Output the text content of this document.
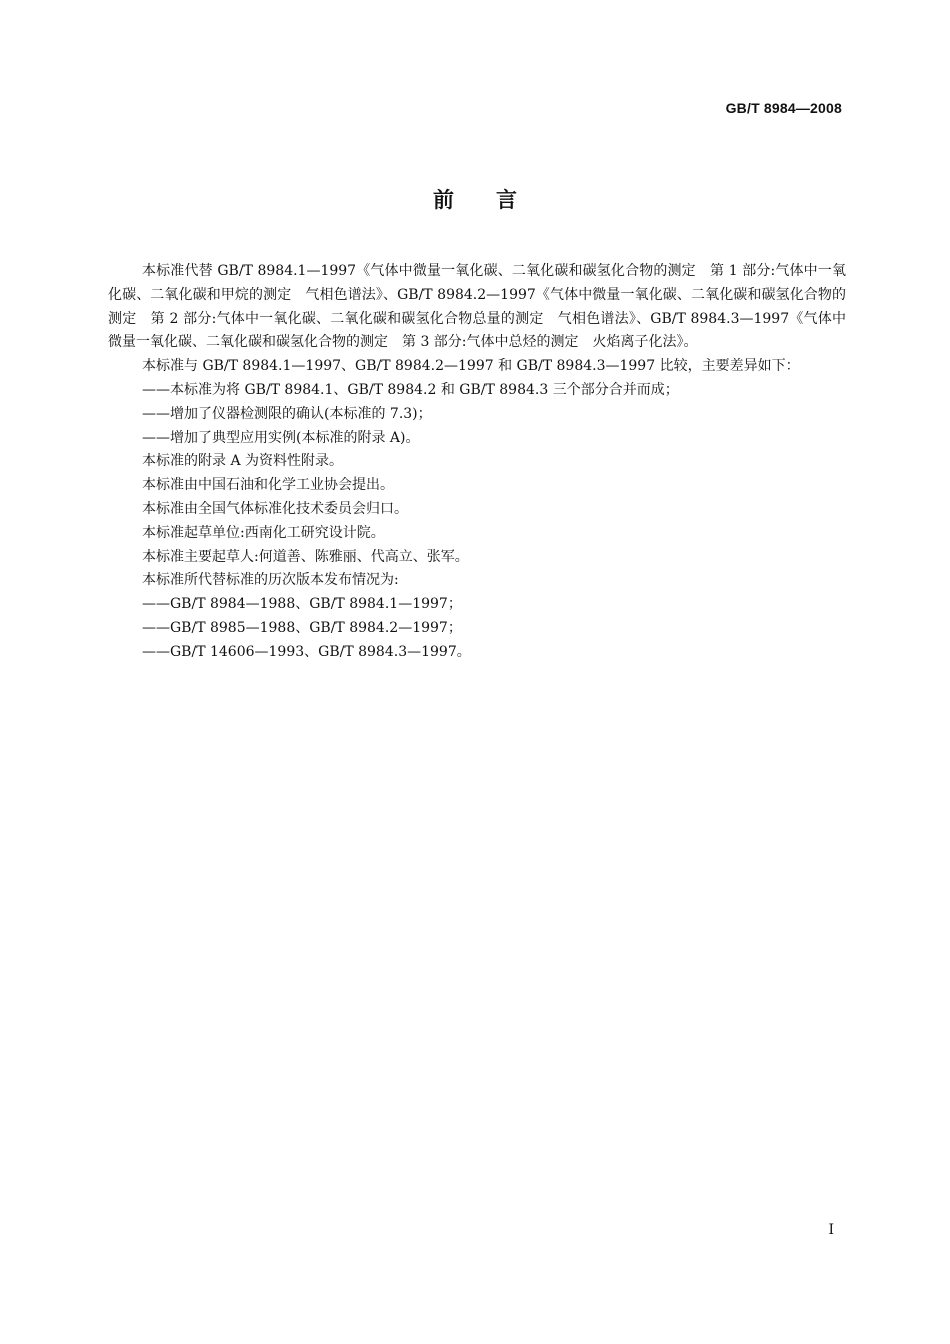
GB/T 8984—2008
前言

本标准代替 GB/T 8984.1—1997《气体中微量一氧化碳、二氧化碳和碳氢化合物的测定　第 1 部分:气体中一氧化碳、二氧化碳和甲烷的测定　气相色谱法》、GB/T 8984.2—1997《气体中微量一氧化碳、二氧化碳和碳氢化合物的测定　第 2 部分:气体中一氧化碳、二氧化碳和碳氢化合物总量的测定　气相色谱法》、GB/T 8984.3—1997《气体中微量一氧化碳、二氧化碳和碳氢化合物的测定　第 3 部分:气体中总烃的测定　火焰离子化法》。

本标准与 GB/T 8984.1—1997、GB/T 8984.2—1997 和 GB/T 8984.3—1997 比较，主要差异如下：

——本标准为将 GB/T 8984.1、GB/T 8984.2 和 GB/T 8984.3 三个部分合并而成；

——增加了仪器检测限的确认(本标准的 7.3)；

——增加了典型应用实例(本标准的附录 A)。

本标准的附录 A 为资料性附录。

本标准由中国石油和化学工业协会提出。

本标准由全国气体标准化技术委员会归口。

本标准起草单位:西南化工研究设计院。

本标准主要起草人:何道善、陈雅丽、代高立、张军。

本标准所代替标准的历次版本发布情况为:

——GB/T 8984—1988、GB/T 8984.1—1997；

——GB/T 8985—1988、GB/T 8984.2—1997；

——GB/T 14606—1993、GB/T 8984.3—1997。

I
